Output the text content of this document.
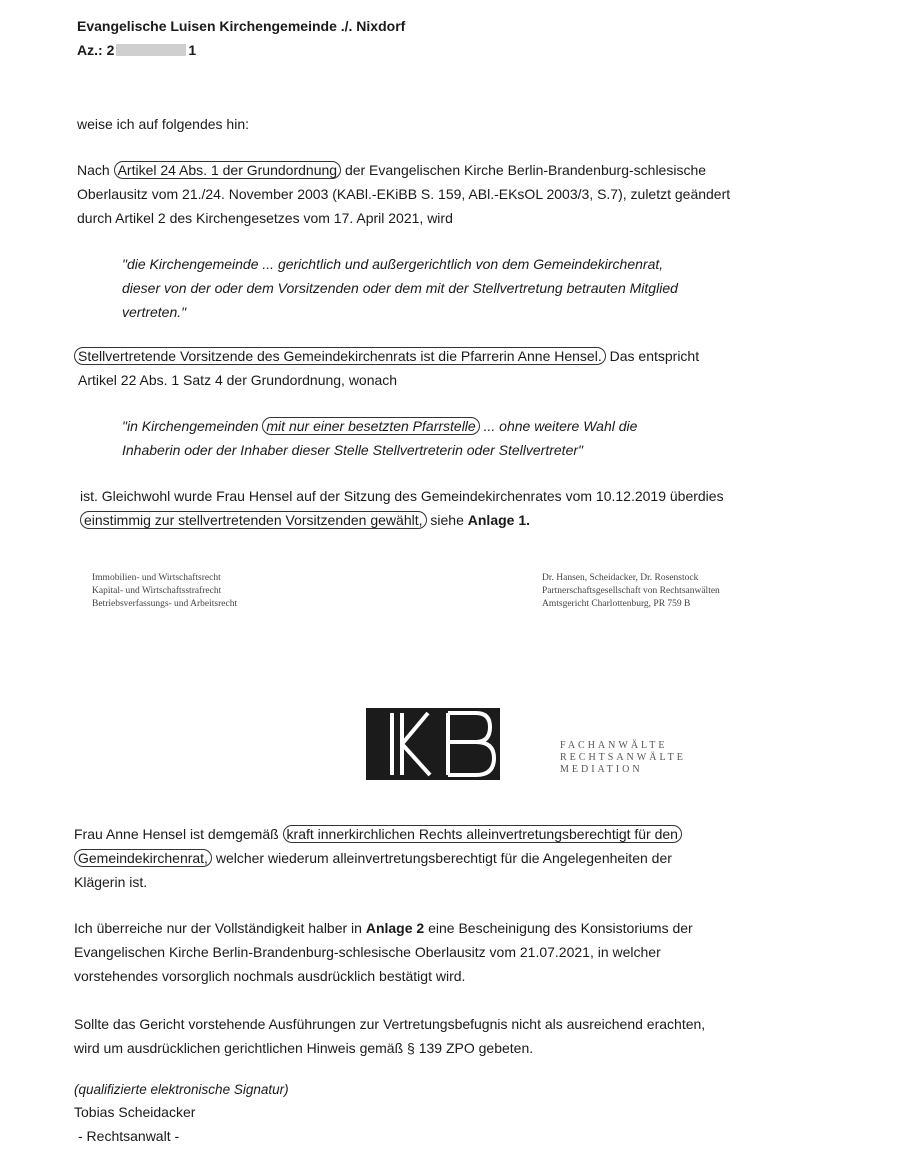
Evangelische Luisen Kirchengemeinde ./. Nixdorf
Az.: 2	1
weise ich auf folgendes hin:
Nach Artikel 24 Abs. 1 der Grundordnung der Evangelischen Kirche Berlin-Brandenburg-schlesische
Oberlausitz vom 21./24. November 2003 (KABl.-EKiBB S. 159, ABl.-EKsOL 2003/3, S.7), zuletzt geändert
durch Artikel 2 des Kirchengesetzes vom 17. April 2021, wird
"die Kirchengemeinde ... gerichtlich und außergerichtlich von dem Gemeindekirchenrat,
dieser von der oder dem Vorsitzenden oder dem mit der Stellvertretung betrauten Mitglied
vertreten."
Stellvertretende Vorsitzende des Gemeindekirchenrats ist die Pfarrerin Anne Hensel. Das entspricht
Artikel 22 Abs. 1 Satz 4 der Grundordnung, wonach
"in Kirchengemeinden mit nur einer besetzten Pfarrstelle ... ohne weitere Wahl die
Inhaberin oder der Inhaber dieser Stelle Stellvertreterin oder Stellvertreter"
ist. Gleichwohl wurde Frau Hensel auf der Sitzung des Gemeindekirchenrates vom 10.12.2019 überdies
einstimmig zur stellvertretenden Vorsitzenden gewählt, siehe Anlage 1.
Immobilien- und Wirtschaftsrecht
Kapital- und Wirtschaftsstrafrecht
Betriebsverfassungs- und Arbeitsrecht
Dr. Hansen, Scheidacker, Dr. Rosenstock
Partnerschaftsgesellschaft von Rechtsanwälten
Amtsgericht Charlottenburg, PR 759 B
FACHANWÄLTE
RECHTSANWÄLTE
MEDIATION
Frau Anne Hensel ist demgemäß kraft innerkirchlichen Rechts alleinvertretungsberechtigt für den
Gemeindekirchenrat, welcher wiederum alleinvertretungsberechtigt für die Angelegenheiten der
Klägerin ist.
Ich überreiche nur der Vollständigkeit halber in Anlage 2 eine Bescheinigung des Konsistoriums der
Evangelischen Kirche Berlin-Brandenburg-schlesische Oberlausitz vom 21.07.2021, in welcher
vorstehendes vorsorglich nochmals ausdrücklich bestätigt wird.
Sollte das Gericht vorstehende Ausführungen zur Vertretungsbefugnis nicht als ausreichend erachten,
wird um ausdrücklichen gerichtlichen Hinweis gemäß § 139 ZPO gebeten.
(qualifizierte elektronische Signatur)
Tobias Scheidacker
- Rechtsanwalt -
